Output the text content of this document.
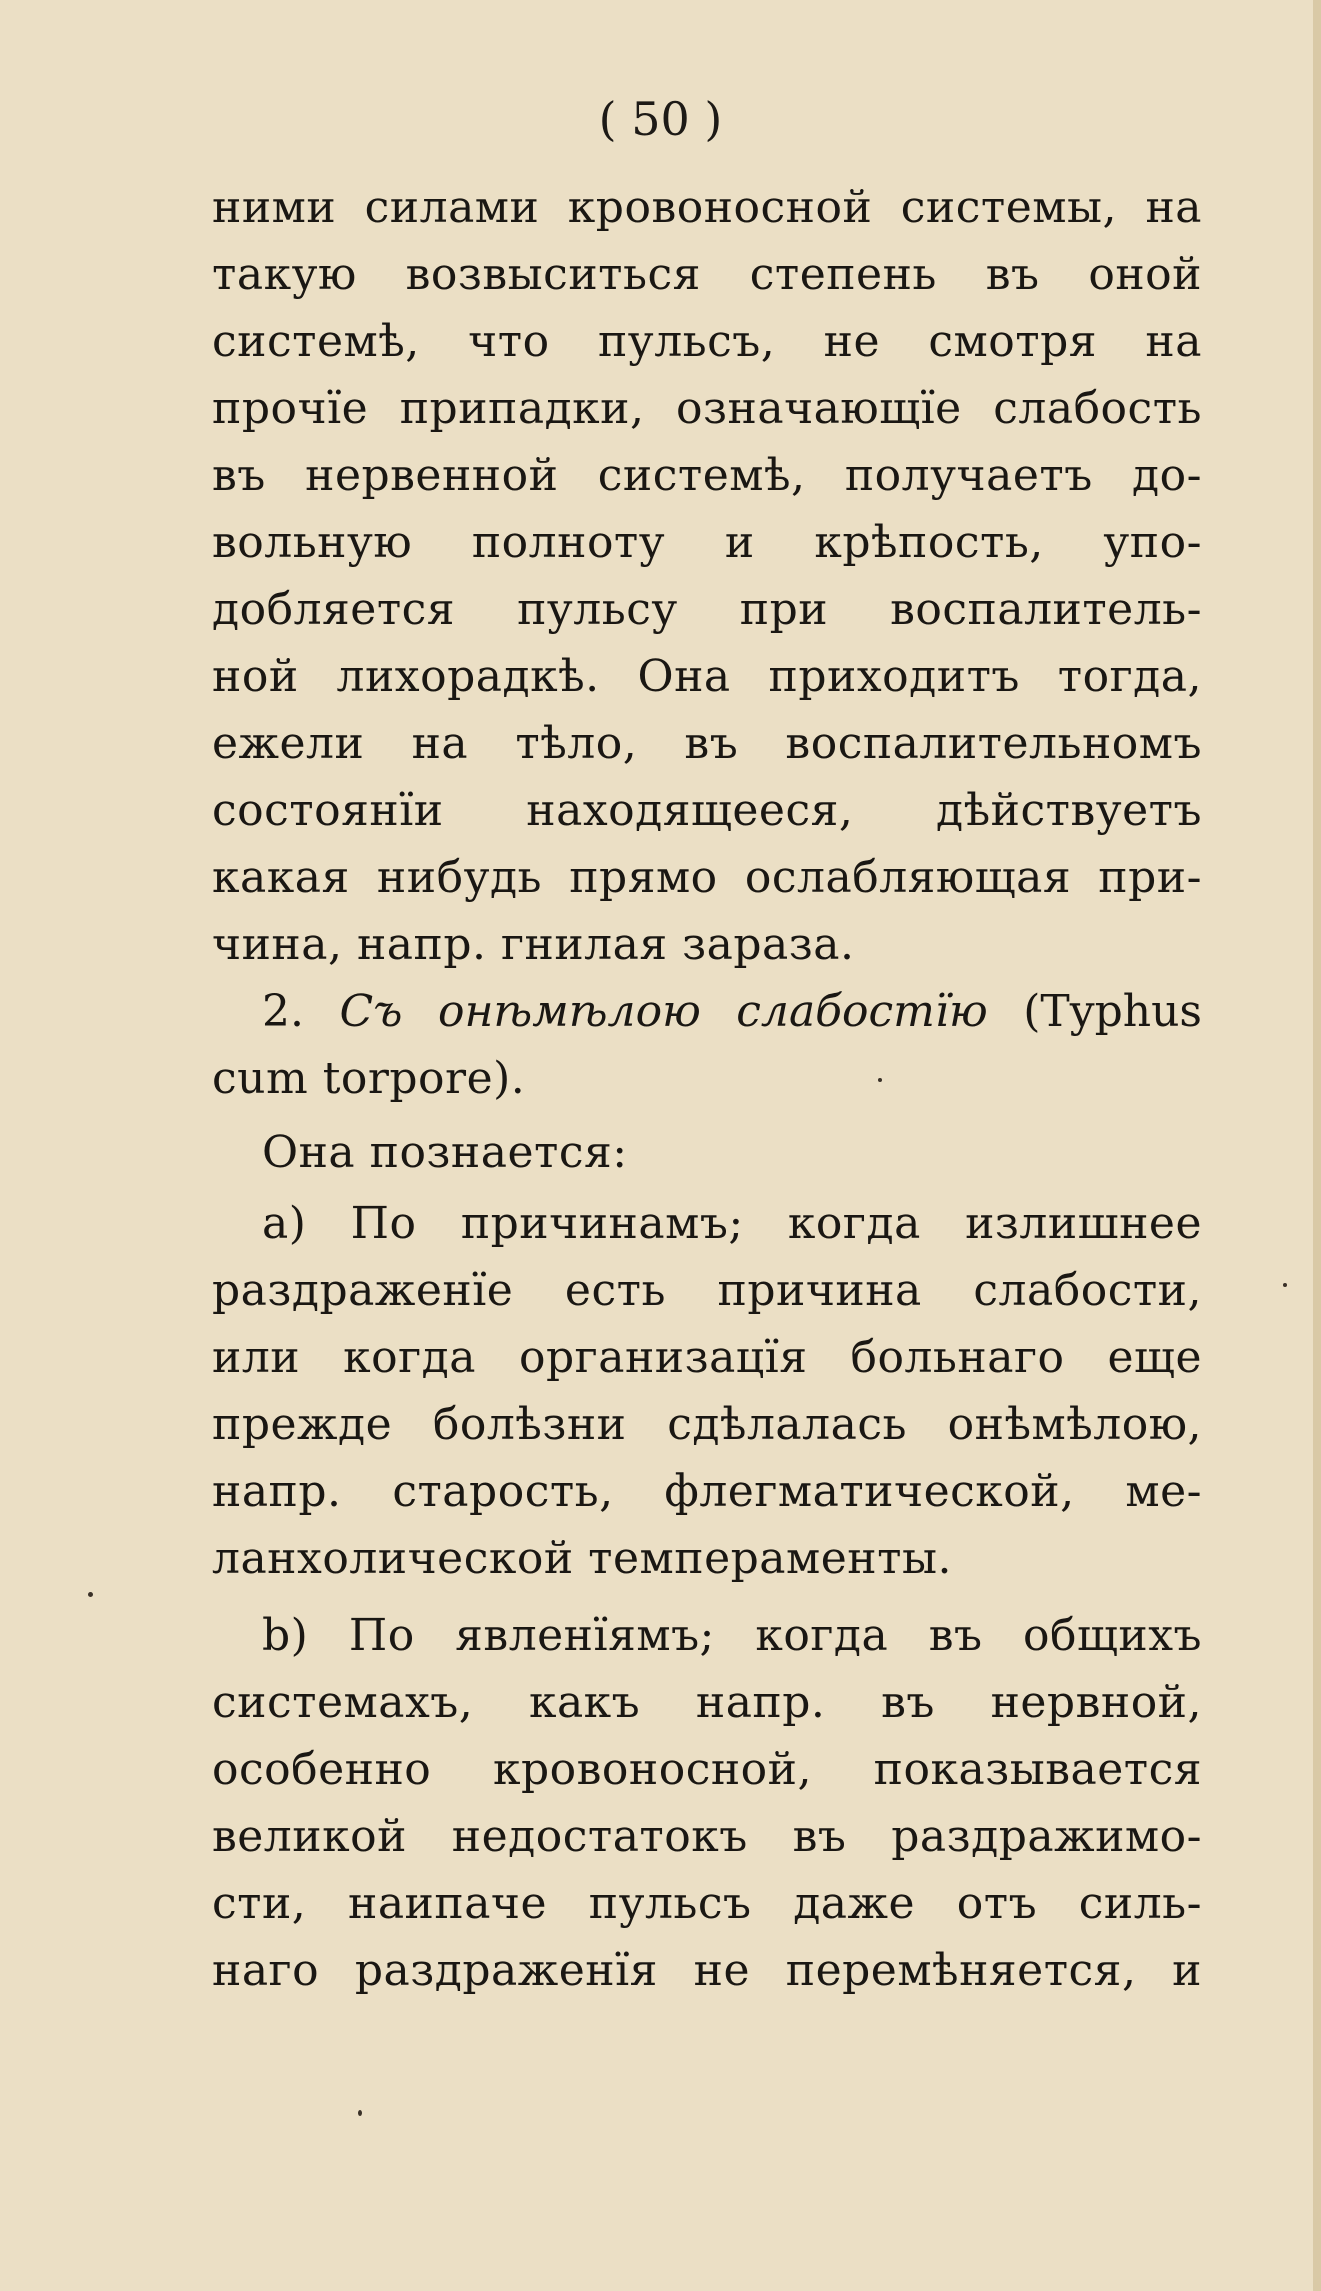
( 50 )
ними силами кровоносной системы, на
такую возвыситься степень въ оной
системѣ, что пульсъ, не смотря на
прочїе припадки, означающїе слабость
въ нервенной системѣ, получаетъ до-
вольную полноту и крѣпость, упо-
добляется пульсу при воспалитель-
ной лихорадкѣ. Она приходитъ тогда,
ежели на тѣло, въ воспалительномъ
состоянїи находящееся, дѣйствуетъ
какая нибудь прямо ослабляющая при-
чина, напр. гнилая зараза.
2. Съ онѣмѣлою слабостїю (Typhus
cum torpore).
Она познается:
а) По причинамъ; когда излишнее
раздраженїе есть причина слабости,
или когда организацїя больнаго еще
прежде болѣзни сдѣлалась онѣмѣлою,
напр. старость, флегматической, ме-
ланхолической темпераменты.
b) По явленїямъ; когда въ общихъ
системахъ, какъ напр. въ нервной,
особенно кровоносной, показывается
великой недостатокъ въ раздражимо-
сти, наипаче пульсъ даже отъ силь-
наго раздраженїя не перемѣняется, и
